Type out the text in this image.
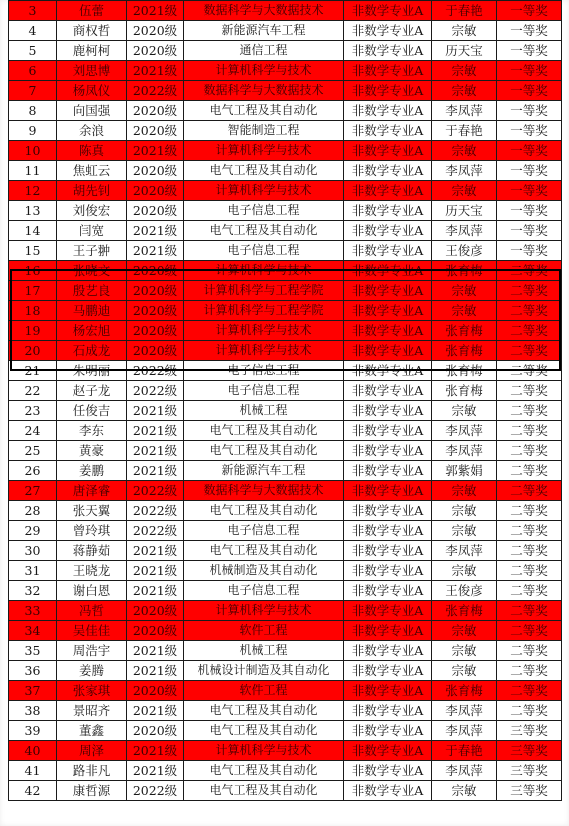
3	伍蕾	2021级	数据科学与大数据技术	非数学专业A	于春艳	一等奖
4	商权哲	2020级	新能源汽车工程	非数学专业A	宗敏	一等奖
5	鹿柯柯	2020级	通信工程	非数学专业A	历天宝	一等奖
6	刘思博	2021级	计算机科学与技术	非数学专业A	宗敏	一等奖
7	杨凤仪	2022级	数据科学与大数据技术	非数学专业A	宗敏	一等奖
8	向国强	2020级	电气工程及其自动化	非数学专业A	李凤萍	一等奖
9	余浪	2020级	智能制造工程	非数学专业A	于春艳	一等奖
10	陈真	2021级	计算机科学与技术	非数学专业A	宗敏	一等奖
11	焦虹云	2020级	电气工程及其自动化	非数学专业A	李凤萍	一等奖
12	胡先钊	2020级	计算机科学与技术	非数学专业A	宗敏	一等奖
13	刘俊宏	2020级	电子信息工程	非数学专业A	历天宝	一等奖
14	闫宽	2021级	电气工程及其自动化	非数学专业A	李凤萍	一等奖
15	王子翀	2021级	电子信息工程	非数学专业A	王俊彦	一等奖
16	张晓文	2020级	计算机科学与技术	非数学专业A	张育梅	二等奖
17	殷艺良	2020级	计算机科学与工程学院	非数学专业A	宗敏	二等奖
18	马鹏迪	2020级	计算机科学与工程学院	非数学专业A	宗敏	二等奖
19	杨宏旭	2020级	计算机科学与技术	非数学专业A	张育梅	二等奖
20	石成龙	2020级	计算机科学与技术	非数学专业A	张育梅	二等奖
21	朱明丽	2022级	电子信息工程	非数学专业A	张育梅	二等奖
22	赵子龙	2022级	电子信息工程	非数学专业A	张育梅	二等奖
23	任俊吉	2021级	机械工程	非数学专业A	宗敏	二等奖
24	李东	2021级	电气工程及其自动化	非数学专业A	李凤萍	二等奖
25	黄豪	2021级	电气工程及其自动化	非数学专业A	李凤萍	二等奖
26	姜鹏	2021级	新能源汽车工程	非数学专业A	郭紫娟	二等奖
27	唐泽睿	2022级	数据科学与大数据技术	非数学专业A	宗敏	二等奖
28	张天翼	2022级	电气工程及其自动化	非数学专业A	宗敏	二等奖
29	曾玲琪	2022级	电子信息工程	非数学专业A	宗敏	二等奖
30	蒋静茹	2021级	电气工程及其自动化	非数学专业A	李凤萍	二等奖
31	王晓龙	2021级	机械制造及其自动化	非数学专业A	宗敏	二等奖
32	谢白恩	2021级	电子信息工程	非数学专业A	王俊彦	二等奖
33	冯哲	2020级	计算机科学与技术	非数学专业A	张育梅	二等奖
34	吴佳佳	2020级	软件工程	非数学专业A	宗敏	二等奖
35	周浩宇	2021级	机械工程	非数学专业A	宗敏	二等奖
36	姜腾	2021级	机械设计制造及其自动化	非数学专业A	宗敏	二等奖
37	张家琪	2020级	软件工程	非数学专业A	张育梅	二等奖
38	景昭齐	2021级	电气工程及其自动化	非数学专业A	李凤萍	二等奖
39	董鑫	2020级	电气工程及其自动化	非数学专业A	李凤萍	三等奖
40	周泽	2021级	计算机科学与技术	非数学专业A	于春艳	三等奖
41	路非凡	2021级	电气工程及其自动化	非数学专业A	李凤萍	三等奖
42	康哲源	2022级	电气工程及其自动化	非数学专业A	宗敏	三等奖
